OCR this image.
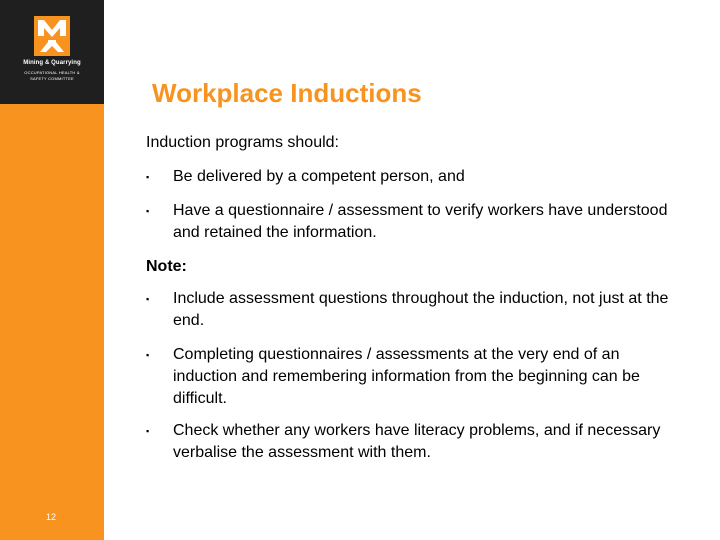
Mining & Quarrying
OCCUPATIONAL HEALTH &
SAFETY COMMITTEE
12
Workplace Inductions
Induction programs should:
▪	Be delivered by a competent person, and
▪	Have a questionnaire / assessment to verify workers have understood and retained the information.
Note:
▪	Include assessment questions throughout the induction, not just at the end.
▪	Completing questionnaires / assessments at the very end of an induction and remembering information from the beginning can be difficult.
▪	Check whether any workers have literacy problems, and if necessary verbalise the assessment with them.
